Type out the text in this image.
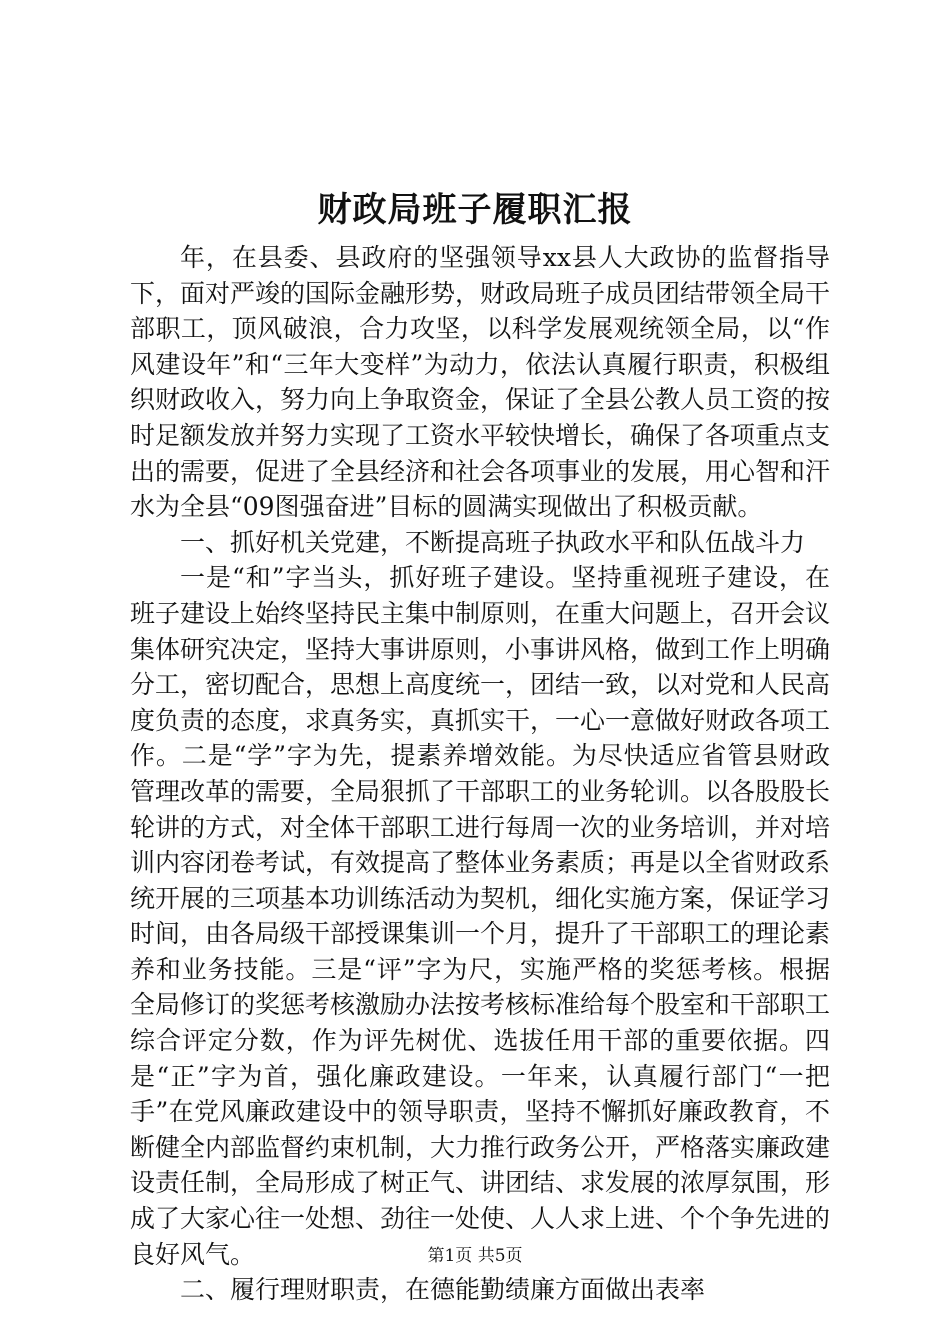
财政局班子履职汇报

年，在县委、县政府的坚强领导xx县人大政协的监督指导下，面对严竣的国际金融形势，财政局班子成员团结带领全局干部职工，顶风破浪，合力攻坚，以科学发展观统领全局，以“作风建设年”和“三年大变样”为动力，依法认真履行职责，积极组织财政收入，努力向上争取资金，保证了全县公教人员工资的按时足额发放并努力实现了工资水平较快增长，确保了各项重点支出的需要，促进了全县经济和社会各项事业的发展，用心智和汗水为全县“09图强奋进”目标的圆满实现做出了积极贡献。

一、抓好机关党建，不断提高班子执政水平和队伍战斗力

一是“和”字当头，抓好班子建设。坚持重视班子建设，在班子建设上始终坚持民主集中制原则，在重大问题上，召开会议集体研究决定，坚持大事讲原则，小事讲风格，做到工作上明确分工，密切配合，思想上高度统一，团结一致，以对党和人民高度负责的态度，求真务实，真抓实干，一心一意做好财政各项工作。二是“学”字为先，提素养增效能。为尽快适应省管县财政管理改革的需要，全局狠抓了干部职工的业务轮训。以各股股长轮讲的方式，对全体干部职工进行每周一次的业务培训，并对培训内容闭卷考试，有效提高了整体业务素质；再是以全省财政系统开展的三项基本功训练活动为契机，细化实施方案，保证学习时间，由各局级干部授课集训一个月，提升了干部职工的理论素养和业务技能。三是“评”字为尺，实施严格的奖惩考核。根据全局修订的奖惩考核激励办法按考核标准给每个股室和干部职工综合评定分数，作为评先树优、选拔任用干部的重要依据。四是“正”字为首，强化廉政建设。一年来，认真履行部门“一把手”在党风廉政建设中的领导职责，坚持不懈抓好廉政教育，不断健全内部监督约束机制，大力推行政务公开，严格落实廉政建设责任制，全局形成了树正气、讲团结、求发展的浓厚氛围，形成了大家心往一处想、劲往一处使、人人求上进、个个争先进的良好风气。

二、履行理财职责，在德能勤绩廉方面做出表率

第1页 共5页
